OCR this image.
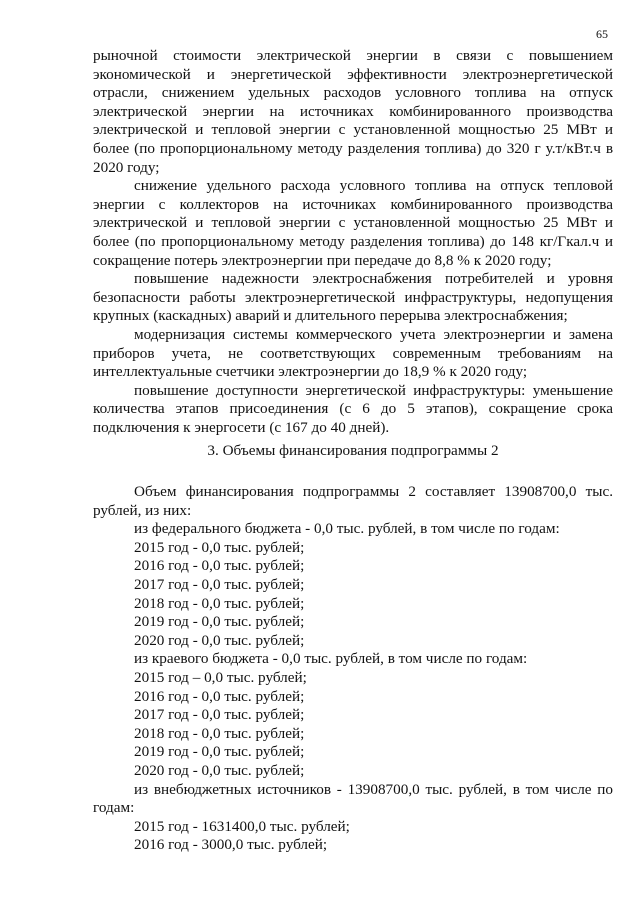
65

рыночной стоимости электрической энергии в связи с повышением экономической и энергетической эффективности электроэнергетической отрасли, снижением удельных расходов условного топлива на отпуск электрической энергии на источниках комбинированного производства электрической и тепловой энергии с установленной мощностью 25 МВт и более (по пропорциональному методу разделения топлива) до 320 г у.т/кВт.ч в 2020 году;

снижение удельного расхода условного топлива на отпуск тепловой энергии с коллекторов на источниках комбинированного производства электрической и тепловой энергии с установленной мощностью 25 МВт и более (по пропорциональному методу разделения топлива) до 148 кг/Гкал.ч и сокращение потерь электроэнергии при передаче до 8,8 % к 2020 году;

повышение надежности электроснабжения потребителей и уровня безопасности работы электроэнергетической инфраструктуры, недопущения крупных (каскадных) аварий и длительного перерыва электроснабжения;

модернизация системы коммерческого учета электроэнергии и замена приборов учета, не соответствующих современным требованиям на интеллектуальные счетчики электроэнергии до 18,9 % к 2020 году;

повышение доступности энергетической инфраструктуры: уменьшение количества этапов присоединения (с 6 до 5 этапов), сокращение срока подключения к энергосети (с 167 до 40 дней).

3. Объемы финансирования подпрограммы 2

Объем финансирования подпрограммы 2 составляет 13908700,0 тыс. рублей, из них:

из федерального бюджета - 0,0 тыс. рублей, в том числе по годам:

2015 год - 0,0 тыс. рублей;

2016 год - 0,0 тыс. рублей;

2017 год - 0,0 тыс. рублей;

2018 год - 0,0 тыс. рублей;

2019 год - 0,0 тыс. рублей;

2020 год - 0,0 тыс. рублей;

из краевого бюджета - 0,0 тыс. рублей, в том числе по годам:

2015 год – 0,0 тыс. рублей;

2016 год - 0,0 тыс. рублей;

2017 год - 0,0 тыс. рублей;

2018 год - 0,0 тыс. рублей;

2019 год - 0,0 тыс. рублей;

2020 год - 0,0 тыс. рублей;

из внебюджетных источников - 13908700,0 тыс. рублей, в том числе по годам:

2015 год - 1631400,0 тыс. рублей;

2016 год - 3000,0 тыс. рублей;
